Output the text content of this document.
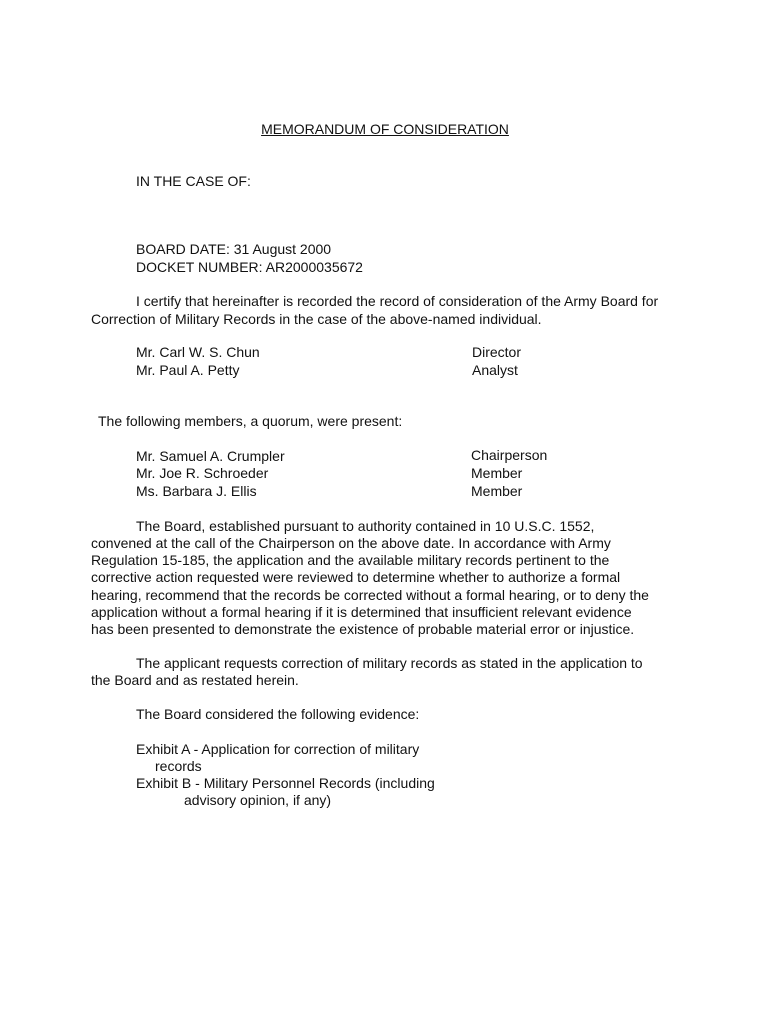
MEMORANDUM OF CONSIDERATION
IN THE CASE OF:
BOARD DATE: 31 August 2000
DOCKET NUMBER: AR2000035672
I certify that hereinafter is recorded the record of consideration of the Army Board for
Correction of Military Records in the case of the above-named individual.
Mr. Carl W. S. Chun	Director
Mr. Paul A. Petty	Analyst
The following members, a quorum, were present:
Mr. Samuel A. Crumpler	Chairperson
Mr. Joe R. Schroeder	Member
Ms. Barbara J. Ellis	Member
The Board, established pursuant to authority contained in 10 U.S.C. 1552,
convened at the call of the Chairperson on the above date. In accordance with Army
Regulation 15-185, the application and the available military records pertinent to the
corrective action requested were reviewed to determine whether to authorize a formal
hearing, recommend that the records be corrected without a formal hearing, or to deny the
application without a formal hearing if it is determined that insufficient relevant evidence
has been presented to demonstrate the existence of probable material error or injustice.
The applicant requests correction of military records as stated in the application to
the Board and as restated herein.
The Board considered the following evidence:
Exhibit A - Application for correction of military
records
Exhibit B - Military Personnel Records (including
advisory opinion, if any)
